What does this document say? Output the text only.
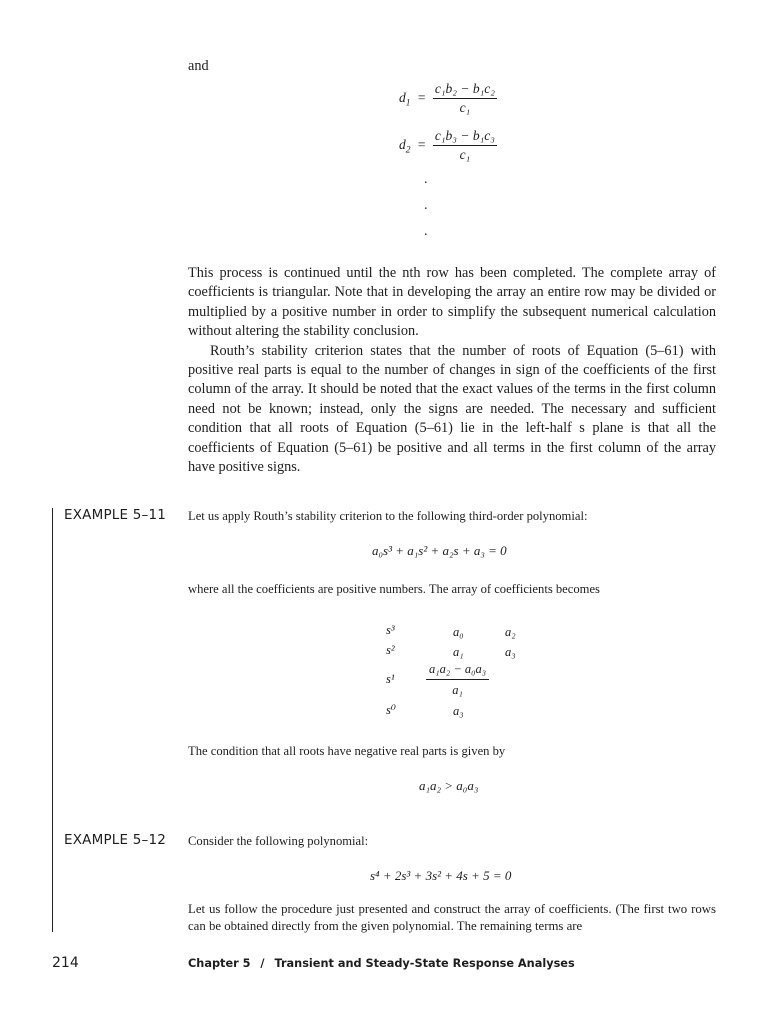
and
$d_1 = \frac{\text{c₁b₂ − b₁c₂}}{\text{c₁}}$
$d_2 = \frac{\text{c₁b₃ − b₁c₃}}{\text{c₁}}$
.
.
.

This process is continued until the nth row has been completed. The complete array of coefficients is triangular. Note that in developing the array an entire row may be divided or multiplied by a positive number in order to simplify the subsequent numerical calculation without altering the stability conclusion.

Routh’s stability criterion states that the number of roots of Equation (5–61) with positive real parts is equal to the number of changes in sign of the coefficients of the first column of the array. It should be noted that the exact values of the terms in the first column need not be known; instead, only the signs are needed. The necessary and sufficient condition that all roots of Equation (5–61) lie in the left-half s plane is that all the coefficients of Equation (5–61) be positive and all terms in the first column of the array have positive signs.

EXAMPLE 5–11 Let us apply Routh’s stability criterion to the following third-order polynomial:

a₀s³ + a₁s² + a₂s + a₃ = 0

where all the coefficients are positive numbers. The array of coefficients becomes

s³	a₀	a₂
s²	a₁	a₃
s¹	$\frac{\text{a₁a₂ − a₀a₃}}{\text{a₁}}$
s⁰	a₃

The condition that all roots have negative real parts is given by

a₁a₂ > a₀a₃
EXAMPLE 5–12 Consider the following polynomial:

s⁴ + 2s³ + 3s² + 4s + 5 = 0

Let us follow the procedure just presented and construct the array of coefficients. (The first two rows can be obtained directly from the given polynomial. The remaining terms are

214	Chapter 5 / Transient and Steady-State Response Analyses
